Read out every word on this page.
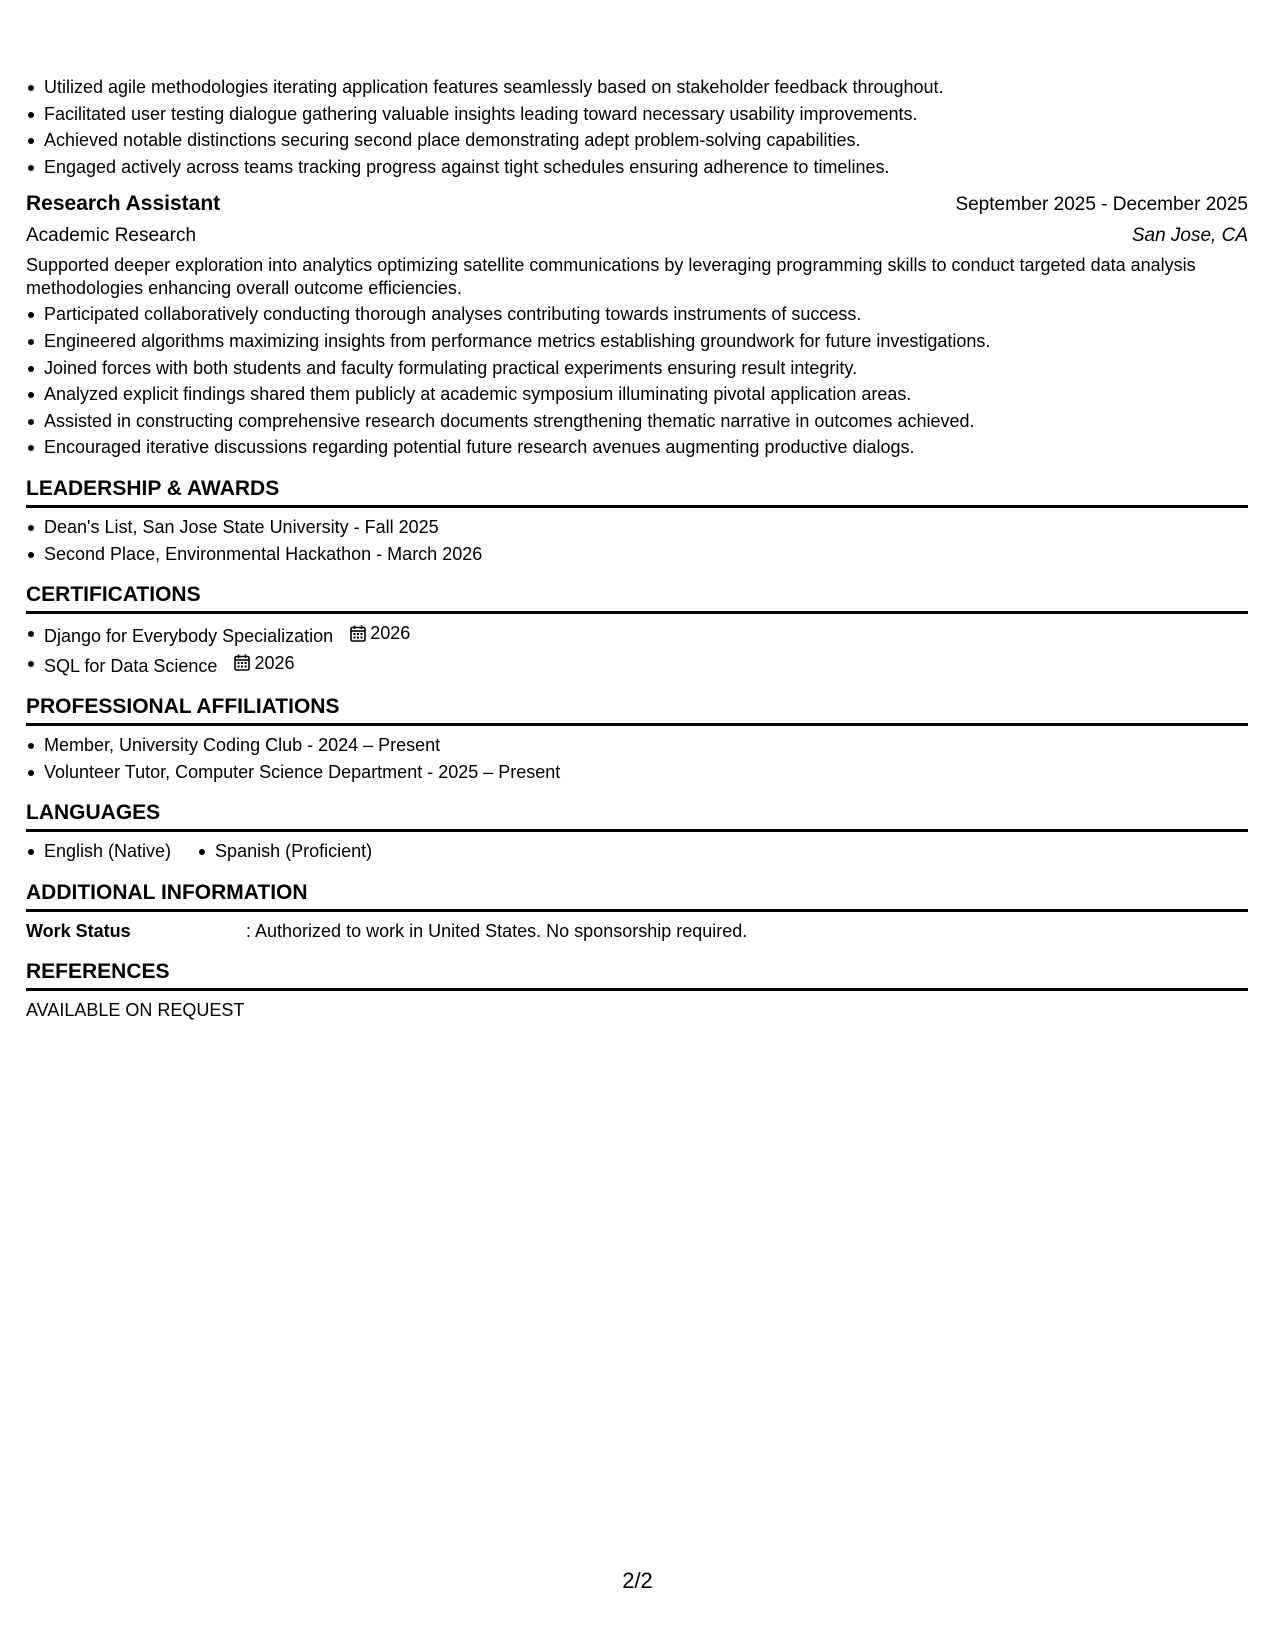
Utilized agile methodologies iterating application features seamlessly based on stakeholder feedback throughout.
Facilitated user testing dialogue gathering valuable insights leading toward necessary usability improvements.
Achieved notable distinctions securing second place demonstrating adept problem-solving capabilities.
Engaged actively across teams tracking progress against tight schedules ensuring adherence to timelines.
Research Assistant	September 2025 - December 2025
Academic Research	San Jose, CA
Supported deeper exploration into analytics optimizing satellite communications by leveraging programming skills to conduct targeted data analysis methodologies enhancing overall outcome efficiencies.
Participated collaboratively conducting thorough analyses contributing towards instruments of success.
Engineered algorithms maximizing insights from performance metrics establishing groundwork for future investigations.
Joined forces with both students and faculty formulating practical experiments ensuring result integrity.
Analyzed explicit findings shared them publicly at academic symposium illuminating pivotal application areas.
Assisted in constructing comprehensive research documents strengthening thematic narrative in outcomes achieved.
Encouraged iterative discussions regarding potential future research avenues augmenting productive dialogs.
LEADERSHIP & AWARDS
Dean's List, San Jose State University - Fall 2025
Second Place, Environmental Hackathon - March 2026
CERTIFICATIONS
Django for Everybody Specialization 2026
SQL for Data Science 2026
PROFESSIONAL AFFILIATIONS
Member, University Coding Club - 2024 – Present
Volunteer Tutor, Computer Science Department - 2025 – Present
LANGUAGES
English (Native)	Spanish (Proficient)
ADDITIONAL INFORMATION
Work Status	: Authorized to work in United States. No sponsorship required.
REFERENCES
AVAILABLE ON REQUEST
2/2
